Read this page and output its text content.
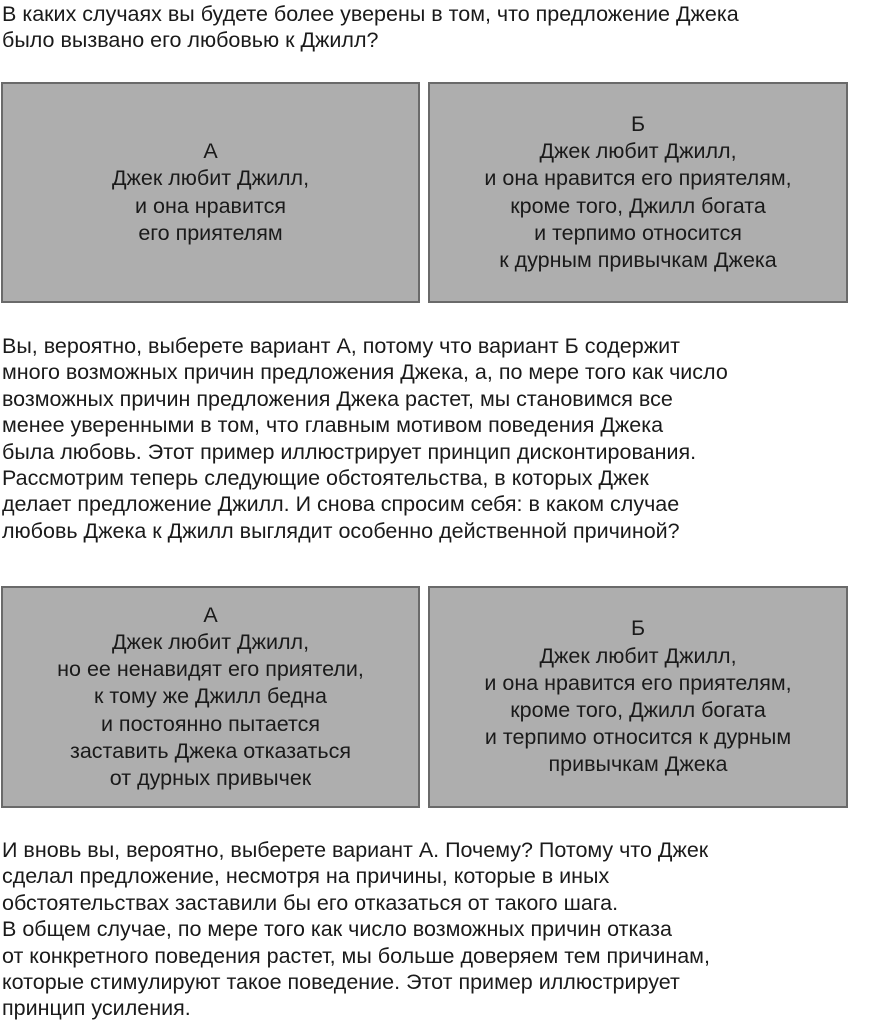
В каких случаях вы будете более уверены в том, что предложение Джека
было вызвано его любовью к Джилл?
А
Джек любит Джилл,
и она нравится
его приятелям
Б
Джек любит Джилл,
и она нравится его приятелям,
кроме того, Джилл богата
и терпимо относится
к дурным привычкам Джека
Вы, вероятно, выберете вариант А, потому что вариант Б содержит
много возможных причин предложения Джека, а, по мере того как число
возможных причин предложения Джека растет, мы становимся все
менее уверенными в том, что главным мотивом поведения Джека
была любовь. Этот пример иллюстрирует принцип дисконтирования.
Рассмотрим теперь следующие обстоятельства, в которых Джек
делает предложение Джилл. И снова спросим себя: в каком случае
любовь Джека к Джилл выглядит особенно действенной причиной?
А
Джек любит Джилл,
но ее ненавидят его приятели,
к тому же Джилл бедна
и постоянно пытается
заставить Джека отказаться
от дурных привычек
Б
Джек любит Джилл,
и она нравится его приятелям,
кроме того, Джилл богата
и терпимо относится к дурным
привычкам Джека
И вновь вы, вероятно, выберете вариант А. Почему? Потому что Джек
сделал предложение, несмотря на причины, которые в иных
обстоятельствах заставили бы его отказаться от такого шага.
В общем случае, по мере того как число возможных причин отказа
от конкретного поведения растет, мы больше доверяем тем причинам,
которые стимулируют такое поведение. Этот пример иллюстрирует
принцип усиления.
